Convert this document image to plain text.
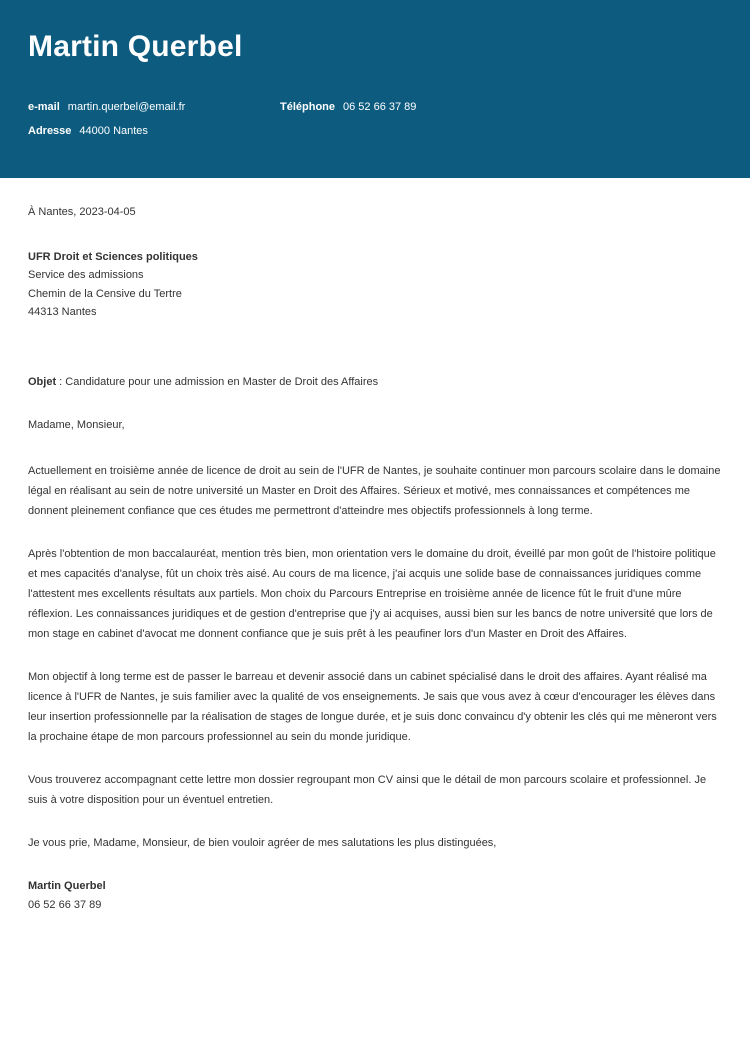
Martin Querbel
e-mail martin.querbel@email.fr	Téléphone 06 52 66 37 89
Adresse 44000 Nantes
À Nantes, 2023-04-05
UFR Droit et Sciences politiques
Service des admissions
Chemin de la Censive du Tertre
44313 Nantes
Objet : Candidature pour une admission en Master de Droit des Affaires
Madame, Monsieur,

Actuellement en troisième année de licence de droit au sein de l'UFR de Nantes, je souhaite continuer mon parcours scolaire dans le domaine légal en réalisant au sein de notre université un Master en Droit des Affaires. Sérieux et motivé, mes connaissances et compétences me donnent pleinement confiance que ces études me permettront d'atteindre mes objectifs professionnels à long terme.

Après l'obtention de mon baccalauréat, mention très bien, mon orientation vers le domaine du droit, éveillé par mon goût de l'histoire politique et mes capacités d'analyse, fût un choix très aisé. Au cours de ma licence, j'ai acquis une solide base de connaissances juridiques comme l'attestent mes excellents résultats aux partiels. Mon choix du Parcours Entreprise en troisième année de licence fût le fruit d'une mûre réflexion. Les connaissances juridiques et de gestion d'entreprise que j'y ai acquises, aussi bien sur les bancs de notre université que lors de mon stage en cabinet d'avocat me donnent confiance que je suis prêt à les peaufiner lors d'un Master en Droit des Affaires.

Mon objectif à long terme est de passer le barreau et devenir associé dans un cabinet spécialisé dans le droit des affaires. Ayant réalisé ma licence à l'UFR de Nantes, je suis familier avec la qualité de vos enseignements. Je sais que vous avez à cœur d'encourager les élèves dans leur insertion professionnelle par la réalisation de stages de longue durée, et je suis donc convaincu d'y obtenir les clés qui me mèneront vers la prochaine étape de mon parcours professionnel au sein du monde juridique.

Vous trouverez accompagnant cette lettre mon dossier regroupant mon CV ainsi que le détail de mon parcours scolaire et professionnel. Je suis à votre disposition pour un éventuel entretien.

Je vous prie, Madame, Monsieur, de bien vouloir agréer de mes salutations les plus distinguées,
Martin Querbel
06 52 66 37 89
